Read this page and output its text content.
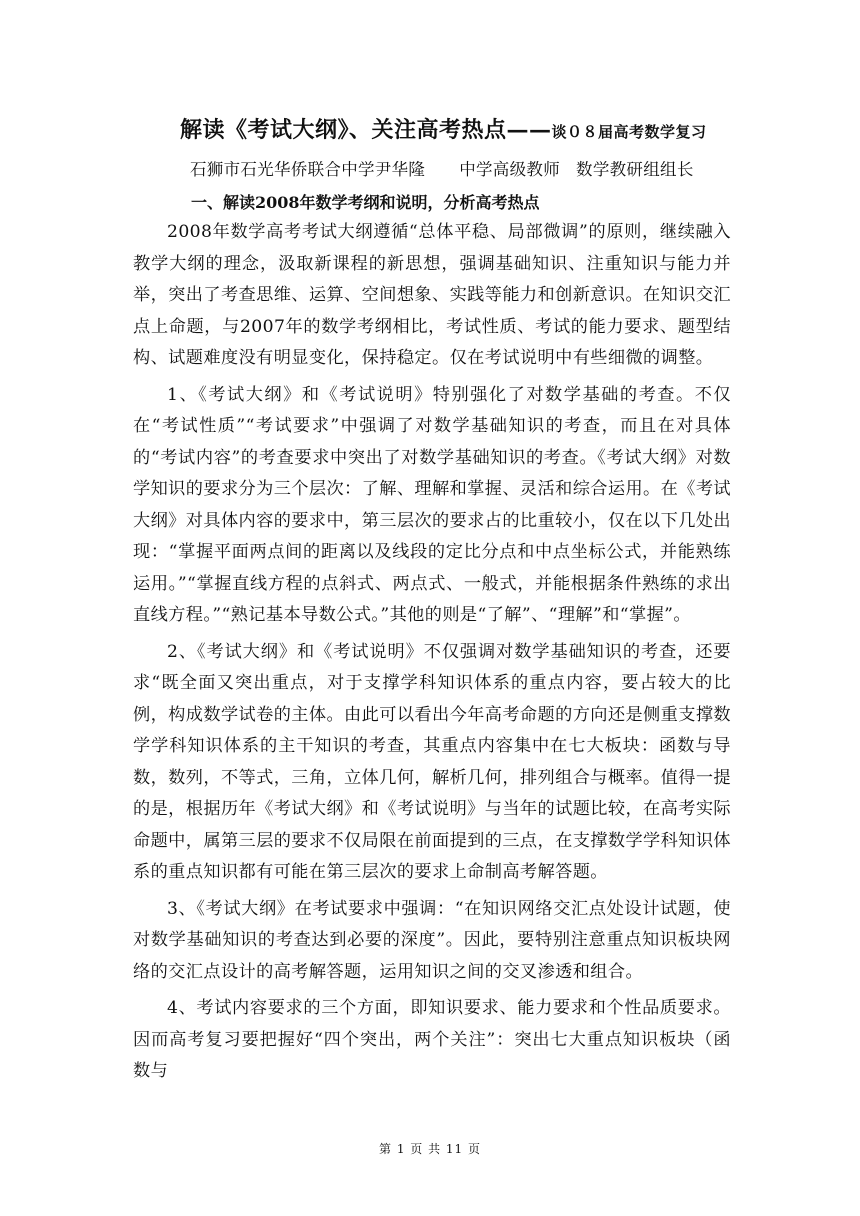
解读《考试大纲》、关注高考热点——谈０８届高考数学复习
石狮市石光华侨联合中学尹华隆 中学高级教师 数学教研组组长
一、解读2008年数学考纲和说明，分析高考热点

2008年数学高考考试大纲遵循“总体平稳、局部微调”的原则，继续融入教学大纲的理念，汲取新课程的新思想，强调基础知识、注重知识与能力并举，突出了考查思维、运算、空间想象、实践等能力和创新意识。在知识交汇点上命题，与2007年的数学考纲相比，考试性质、考试的能力要求、题型结构、试题难度没有明显变化，保持稳定。仅在考试说明中有些细微的调整。

1、《考试大纲》和《考试说明》特别强化了对数学基础的考查。不仅在“考试性质”“考试要求”中强调了对数学基础知识的考查，而且在对具体的“考试内容”的考查要求中突出了对数学基础知识的考查。《考试大纲》对数学知识的要求分为三个层次：了解、理解和掌握、灵活和综合运用。在《考试大纲》对具体内容的要求中，第三层次的要求占的比重较小，仅在以下几处出现：“掌握平面两点间的距离以及线段的定比分点和中点坐标公式，并能熟练运用。”“掌握直线方程的点斜式、两点式、一般式，并能根据条件熟练的求出直线方程。”“熟记基本导数公式。”其他的则是“了解”、“理解”和“掌握”。

2、《考试大纲》和《考试说明》不仅强调对数学基础知识的考查，还要求“既全面又突出重点，对于支撑学科知识体系的重点内容，要占较大的比例，构成数学试卷的主体。由此可以看出今年高考命题的方向还是侧重支撑数学学科知识体系的主干知识的考查，其重点内容集中在七大板块：函数与导数，数列，不等式，三角，立体几何，解析几何，排列组合与概率。值得一提的是，根据历年《考试大纲》和《考试说明》与当年的试题比较，在高考实际命题中，属第三层的要求不仅局限在前面提到的三点，在支撑数学学科知识体系的重点知识都有可能在第三层次的要求上命制高考解答题。

3、《考试大纲》在考试要求中强调：“在知识网络交汇点处设计试题，使对数学基础知识的考查达到必要的深度”。因此，要特别注意重点知识板块网络的交汇点设计的高考解答题，运用知识之间的交叉渗透和组合。

4、考试内容要求的三个方面，即知识要求、能力要求和个性品质要求。因而高考复习要把握好“四个突出，两个关注”：突出七大重点知识板块（函数与

第 1 页 共 11 页
